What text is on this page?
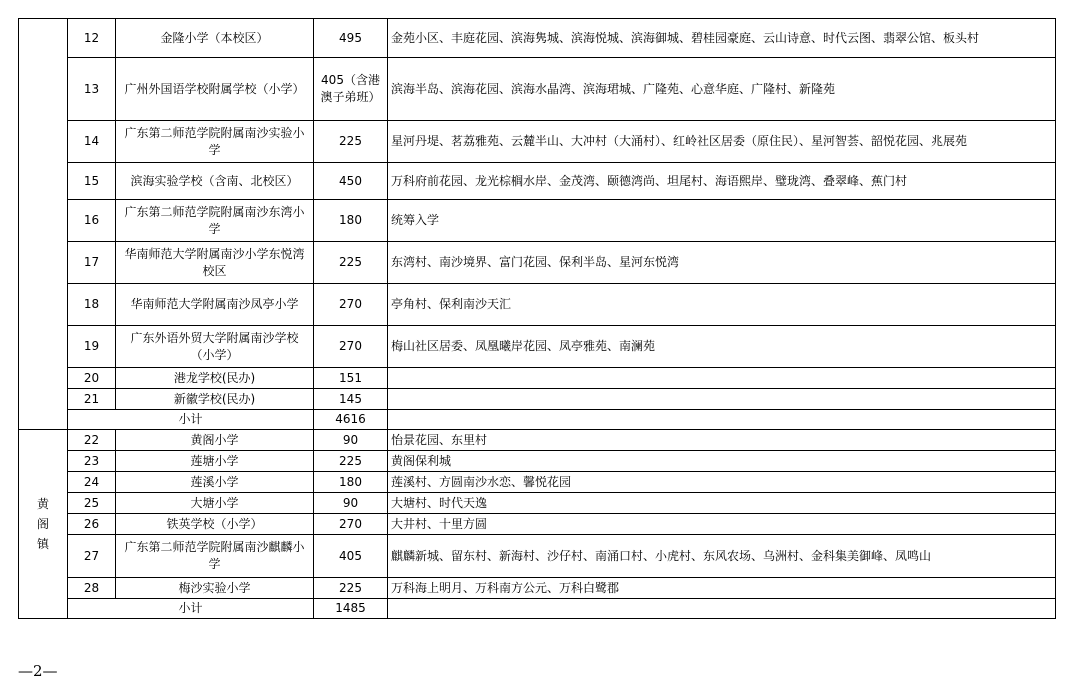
	12	金隆小学（本校区）	495	金苑小区、丰庭花园、滨海隽城、滨海悦城、滨海御城、碧桂园豪庭、云山诗意、时代云图、翡翠公馆、板头村
	13	广州外国语学校附属学校（小学）	405（含港澳子弟班）	滨海半岛、滨海花园、滨海水晶湾、滨海珺城、广隆苑、心意华庭、广隆村、新隆苑
	14	广东第二师范学院附属南沙实验小学	225	星河丹堤、茗荔雅苑、云麓半山、大冲村（大涌村）、红岭社区居委（原住民）、星河智荟、韶悦花园、兆展苑
	15	滨海实验学校（含南、北校区）	450	万科府前花园、龙光棕榈水岸、金茂湾、颐德湾尚、坦尾村、海语熙岸、璧珑湾、叠翠峰、蕉门村
	16	广东第二师范学院附属南沙东湾小学	180	统筹入学
	17	华南师范大学附属南沙小学东悦湾校区	225	东湾村、南沙境界、富门花园、保利半岛、星河东悦湾
	18	华南师范大学附属南沙凤亭小学	270	亭角村、保利南沙天汇
	19	广东外语外贸大学附属南沙学校（小学）	270	梅山社区居委、凤凰曦岸花园、凤亭雅苑、南澜苑
	20	港龙学校(民办)	151	
	21	新徽学校(民办)	145	
	小计		4616	
黄阁镇	22	黄阁小学	90	怡景花园、东里村
	23	莲塘小学	225	黄阁保利城
	24	莲溪小学	180	莲溪村、方圆南沙水恋、馨悦花园
	25	大塘小学	90	大塘村、时代天逸
	26	铁英学校（小学）	270	大井村、十里方圆
	27	广东第二师范学院附属南沙麒麟小学	405	麒麟新城、留东村、新海村、沙仔村、南涌口村、小虎村、东风农场、乌洲村、金科集美御峰、凤鸣山
	28	梅沙实验小学	225	万科海上明月、万科南方公元、万科白鹭郡
	小计		1485	
—2—
